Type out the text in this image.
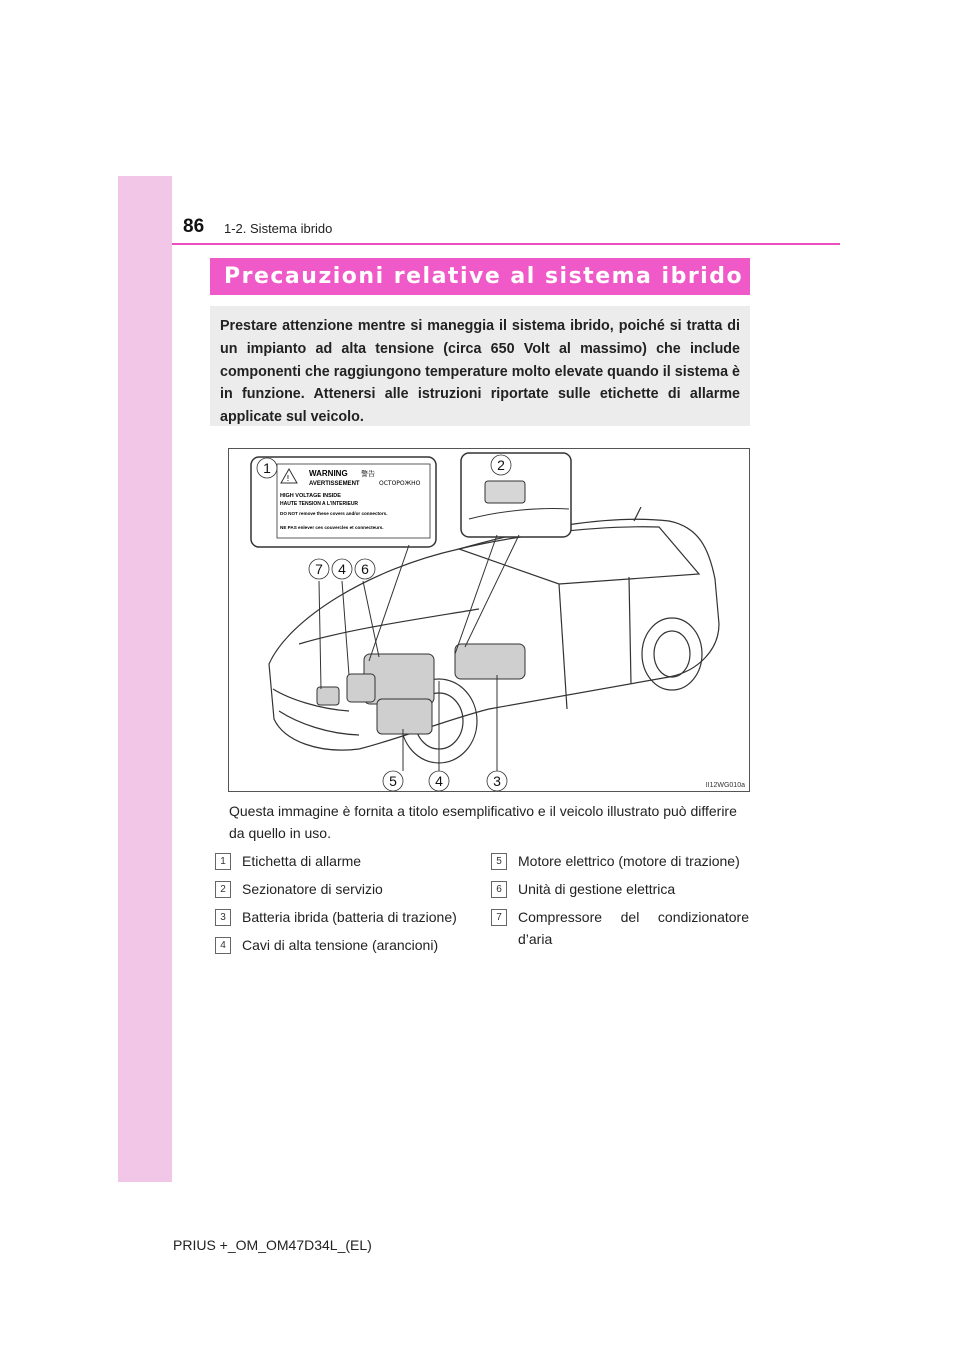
86 1-2. Sistema ibrido
Precauzioni relative al sistema ibrido

Prestare attenzione mentre si maneggia il sistema ibrido, poiché si tratta di un impianto ad alta tensione (circa 650 Volt al massimo) che include componenti che raggiungono temperature molto elevate quando il sistema è in funzione. Attenersi alle istruzioni riportate sulle etichette di allarme applicate sul veicolo.

!
WARNING 警告
AVERTISSEMENT	ОСТОРОЖНО
HIGH VOLTAGE INSIDE
HAUTE TENSION A L'INTERIEUR
DO NOT remove these covers and/or connectors.
NE PAS enlever ces couvercles et connecteurs.
1	2
7 4 6
5	4	3	II12WG010a
Questa immagine è fornita a titolo esemplificativo e il veicolo illustrato può differire da quello in uso.
1	Etichetta di allarme
2	Sezionatore di servizio
3	Batteria ibrida (batteria di trazione)
4	Cavi di alta tensione (arancioni)
5	Motore elettrico (motore di trazione)
6	Unità di gestione elettrica
7	Compressore del condizionatore d’aria
PRIUS +_OM_OM47D34L_(EL)
